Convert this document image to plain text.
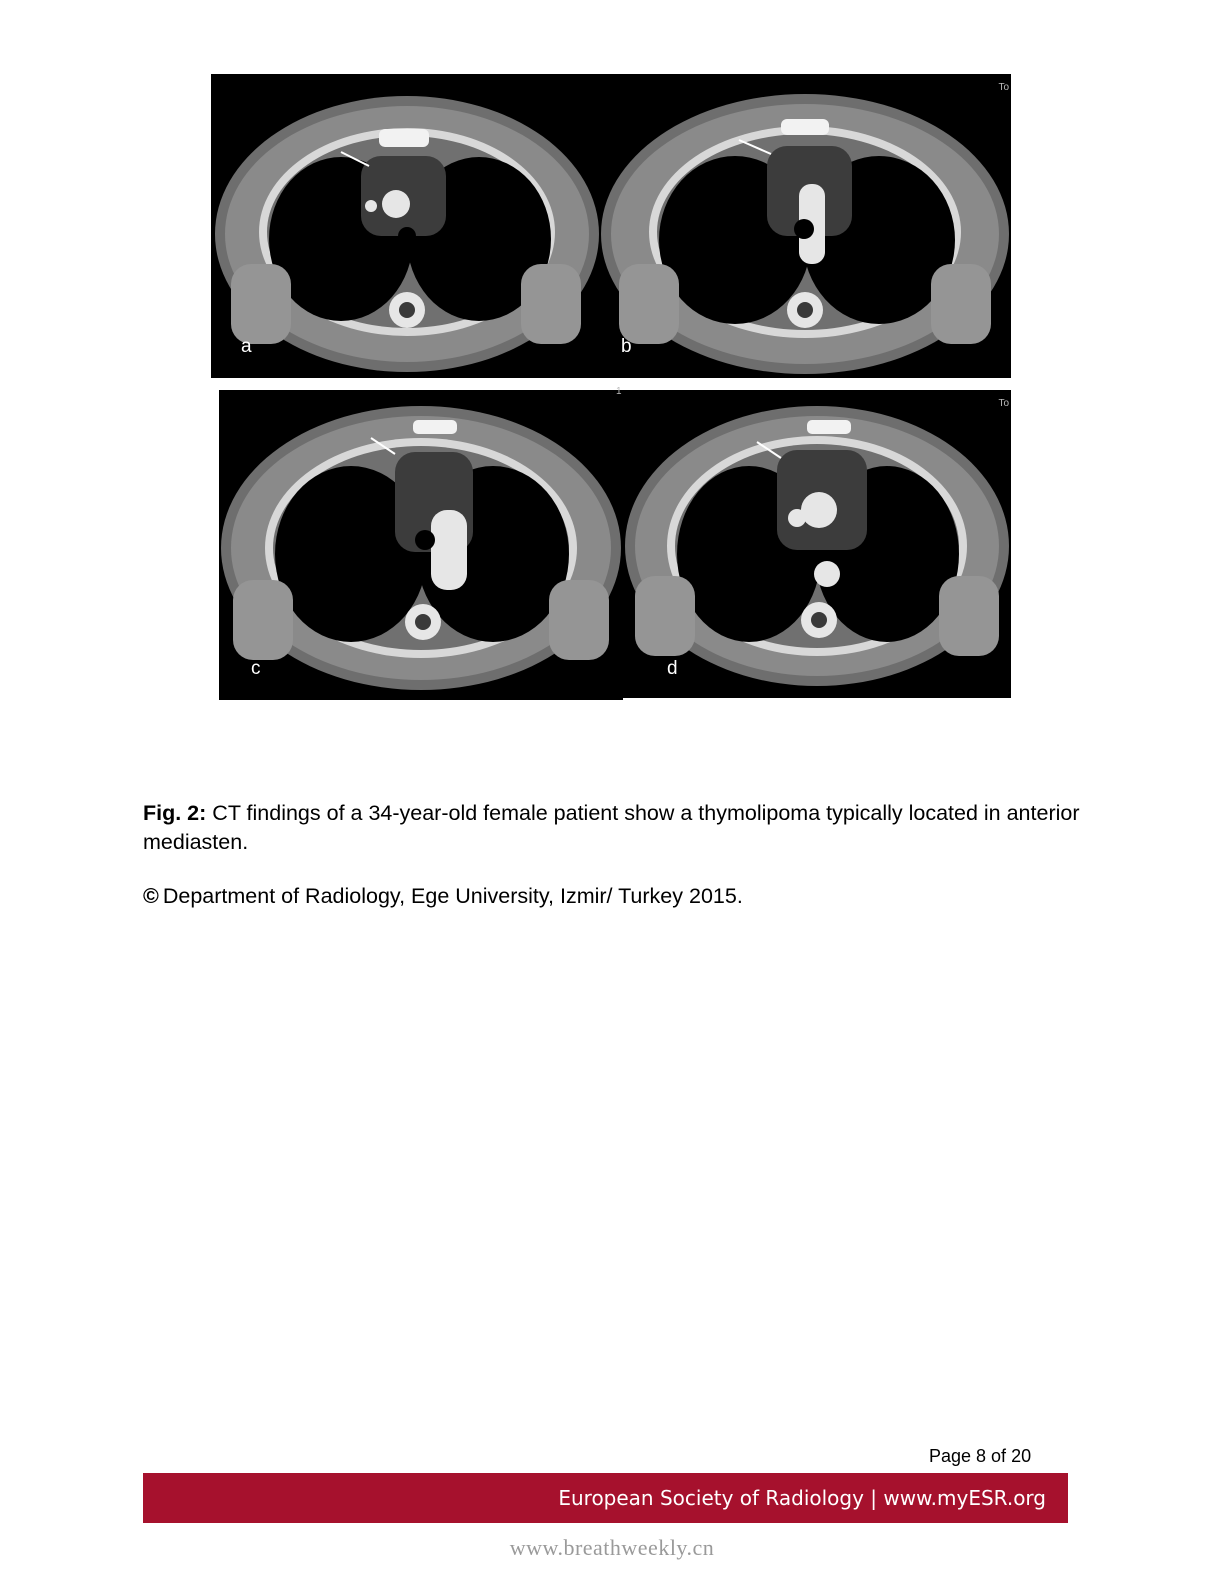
a
To
b
c
To
d
1
Fig. 2: CT findings of a 34-year-old female patient show a thymolipoma typically located in anterior mediasten.
© Department of Radiology, Ege University, Izmir/ Turkey 2015.
Page 8 of 20
European Society of Radiology | www.myESR.org
www.breathweekly.cn
